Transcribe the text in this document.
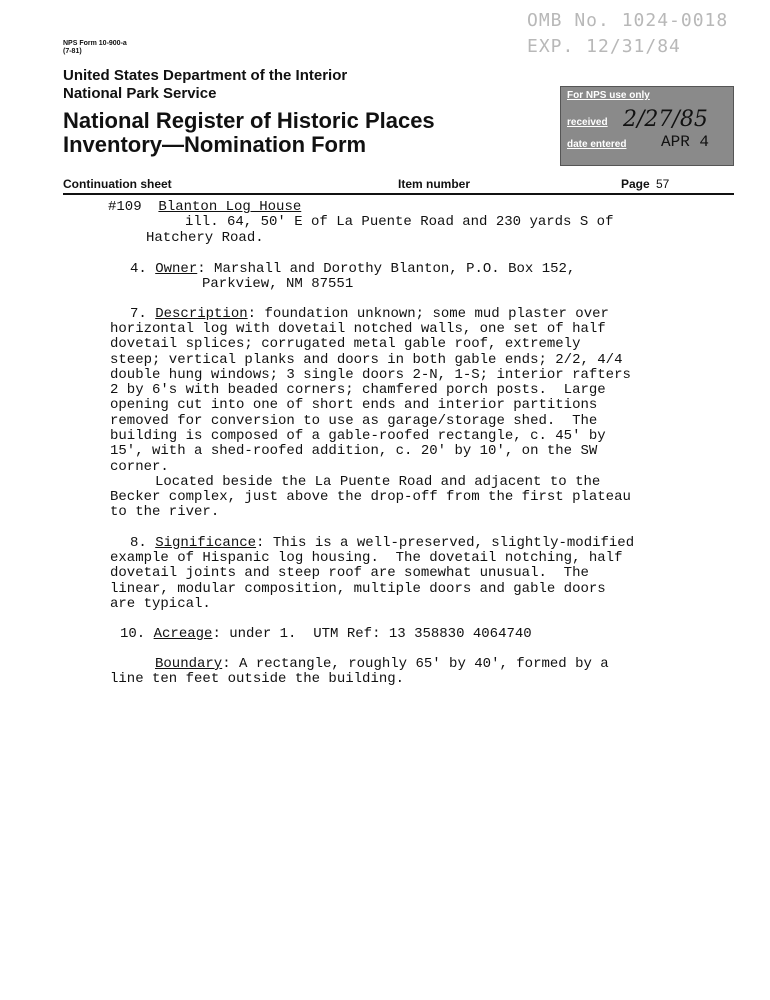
NPS Form 10-900-a
(7-81)
OMB No. 1024-0018
EXP. 12/31/84
United States Department of the Interior
National Park Service
National Register of Historic Places
Inventory—Nomination Form
For NPS use only
received 2/27/85
date entered APR 4
Continuation sheet	Item number	Page 57
#109 Blanton Log House
ill. 64, 50' E of La Puente Road and 230 yards S of
Hatchery Road.
4. Owner: Marshall and Dorothy Blanton, P.O. Box 152,
Parkview, NM 87551
7. Description: foundation unknown; some mud plaster over
horizontal log with dovetail notched walls, one set of half
dovetail splices; corrugated metal gable roof, extremely
steep; vertical planks and doors in both gable ends; 2/2, 4/4
double hung windows; 3 single doors 2-N, 1-S; interior rafters
2 by 6's with beaded corners; chamfered porch posts.  Large
opening cut into one of short ends and interior partitions
removed for conversion to use as garage/storage shed.  The
building is composed of a gable-roofed rectangle, c. 45' by
15', with a shed-roofed addition, c. 20' by 10', on the SW
corner.
Located beside the La Puente Road and adjacent to the
Becker complex, just above the drop-off from the first plateau
to the river.
8. Significance: This is a well-preserved, slightly-modified
example of Hispanic log housing.  The dovetail notching, half
dovetail joints and steep roof are somewhat unusual.  The
linear, modular composition, multiple doors and gable doors
are typical.
10. Acreage: under 1.  UTM Ref: 13 358830 4064740
Boundary: A rectangle, roughly 65' by 40', formed by a
line ten feet outside the building.
